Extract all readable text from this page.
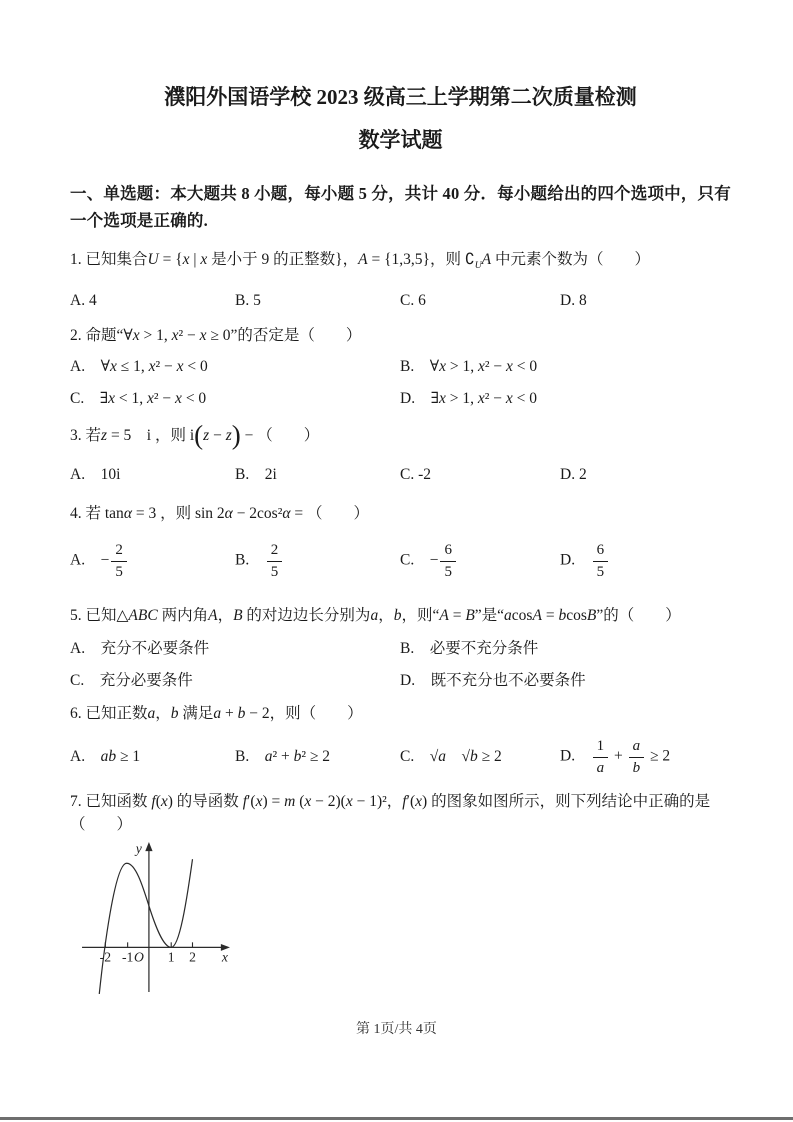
濮阳外国语学校 2023 级高三上学期第二次质量检测
数学试题

一、单选题：本大题共 8 小题，每小题 5 分，共计 40 分．每小题给出的四个选项中，只有一个选项是正确的.

1. 已知集合U = {x | x 是小于 9 的正整数}，A = {1,3,5}，则 $∁_UA$ 中元素个数为（　　）

A. 4	B. 5	C. 6	D. 8

2. 命题“∀x > 1, x² − x ≥ 0”的否定是（　　）

A.　∀x ≤ 1, x² − x < 0	B.　∀x > 1, x² − x < 0
C.　∃x < 1, x² − x < 0	D.　∃x > 1, x² − x < 0

3. 若z = 5　i ，则 i(z − z) − （　　）

A.　10i	B.　2i	C. -2	D. 2

4. 若 tanα = 3 ，则 sin 2α − 2cos²α = （　　）

A.　− $\frac{2}{5}$	B.　 $\frac{2}{5}$	C.　− $\frac{6}{5}$	D.　 $\frac{6}{5}$

5. 已知△ABC 两内角A，B 的对边边长分别为a，b，则“A = B”是“acosA = bcosB”的（　　）

A.　充分不必要条件	B.　必要不充分条件
C.　充分必要条件	D.　既不充分也不必要条件

6. 已知正数a，b 满足a + b − 2，则（　　）

A.　ab ≥ 1	B.　a² + b² ≥ 2	C.　√a　√b ≥ 2	D.　 $\frac{1}{a} + \frac{a}{b} \ge 2$

7. 已知函数 f(x) 的导函数 f′(x) = m (x − 2)(x − 1)²，f′(x) 的图象如图所示，则下列结论中正确的是

（　　）

y
x
O
-2 -1	1 2
第 1页/共 4页
